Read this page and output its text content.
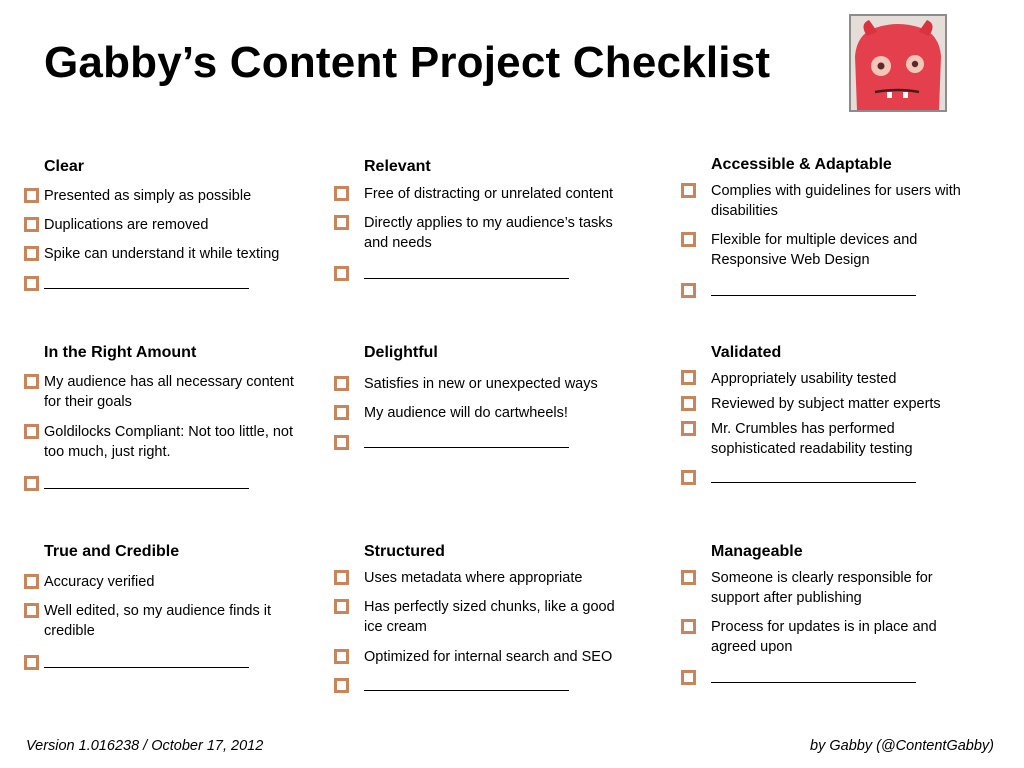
Gabby’s Content Project Checklist
Clear
Presented as simply as possible
Duplications are removed
Spike can understand it while texting
In the Right Amount
My audience has all necessary content for their goals
Goldilocks Compliant: Not too little, not too much, just right.
True and Credible
Accuracy verified
Well edited, so my audience finds it credible
Relevant
Free of distracting or unrelated content
Directly applies to my audience’s tasks and needs
Delightful
Satisfies in new or unexpected ways
My audience will do cartwheels!
Structured
Uses metadata where appropriate
Has perfectly sized chunks, like a good ice cream
Optimized for internal search and SEO
Accessible & Adaptable
Complies with guidelines for users with disabilities
Flexible for multiple devices and Responsive Web Design
Validated
Appropriately usability tested
Reviewed by subject matter experts
Mr. Crumbles has performed sophisticated readability testing
Manageable
Someone is clearly responsible for support after publishing
Process for updates is in place and agreed upon
Version 1.016238 / October 17, 2012	by Gabby (@ContentGabby)
